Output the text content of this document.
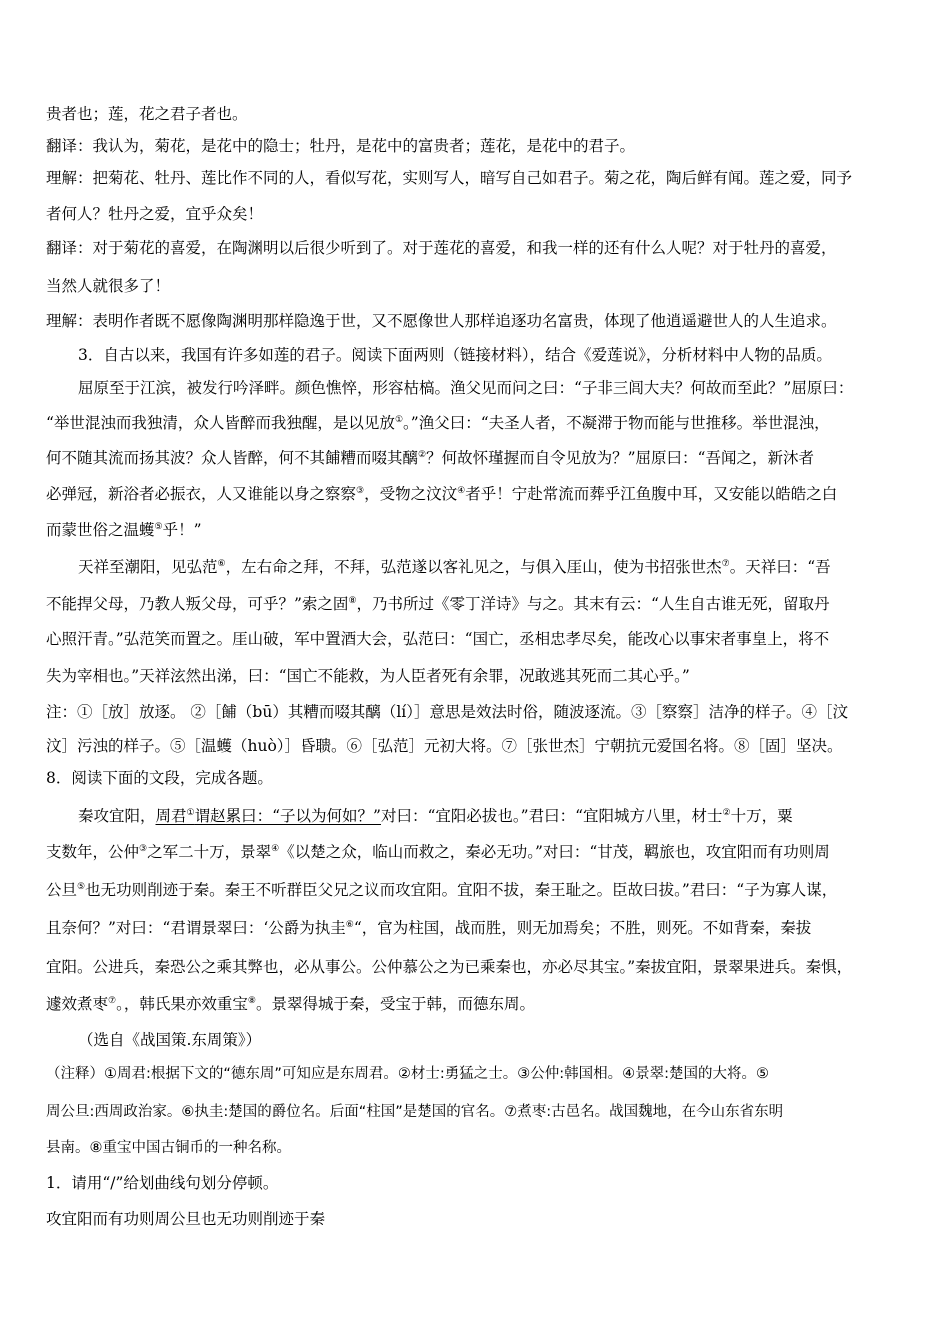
贵者也；莲，花之君子者也。
翻译：我认为，菊花，是花中的隐士；牡丹，是花中的富贵者；莲花，是花中的君子。
理解：把菊花、牡丹、莲比作不同的人，看似写花，实则写人，暗写自己如君子。菊之花，陶后鲜有闻。莲之爱，同予
者何人？牡丹之爱，宜乎众矣！
翻译：对于菊花的喜爱，在陶渊明以后很少听到了。对于莲花的喜爱，和我一样的还有什么人呢？对于牡丹的喜爱，
当然人就很多了！
理解：表明作者既不愿像陶渊明那样隐逸于世，又不愿像世人那样追逐功名富贵，体现了他逍遥避世人的人生追求。
3．自古以来，我国有许多如莲的君子。阅读下面两则（链接材料），结合《爱莲说》，分析材料中人物的品质。
屈原至于江滨，被发行吟泽畔。颜色憔悴，形容枯槁。渔父见而问之曰：“子非三闾大夫？何故而至此？”屈原曰：
“举世混浊而我独清，众人皆醉而我独醒，是以见放①。”渔父曰：“夫圣人者，不凝滞于物而能与世推移。举世混浊，
何不随其流而扬其波？众人皆醉，何不其餔糟而啜其醨②？何故怀瑾握而自令见放为？”屈原曰：“吾闻之，新沐者
必弹冠，新浴者必振衣，人又谁能以身之察察③，受物之汶汶④者乎！宁赴常流而葬乎江鱼腹中耳，又安能以皓皓之白
而蒙世俗之温蠖⑤乎！”
天祥至潮阳，见弘范⑥，左右命之拜，不拜，弘范遂以客礼见之，与俱入厓山，使为书招张世杰⑦。天祥曰：“吾
不能捍父母，乃教人叛父母，可乎？”索之固⑧，乃书所过《零丁洋诗》与之。其末有云：“人生自古谁无死，留取丹
心照汗青。”弘范笑而置之。厓山破，军中置酒大会，弘范曰：“国亡，丞相忠孝尽矣，能改心以事宋者事皇上，将不
失为宰相也。”天祥泫然出涕，曰：“国亡不能救，为人臣者死有余罪，况敢逃其死而二其心乎。”
注：①［放］放逐。 ②［餔（bū）其糟而啜其醨（lí）］意思是效法时俗，随波逐流。③［察察］洁净的样子。④［汶
汶］污浊的样子。⑤［温蠖（huò）］昏聩。⑥［弘范］元初大将。⑦［张世杰］宁朝抗元爱国名将。⑧［固］坚决。
8．阅读下面的文段，完成各题。
秦攻宜阳，周君①谓赵累曰：“子以为何如？”对曰：“宜阳必拔也。”君曰：“宜阳城方八里，材士②十万，粟
支数年，公仲③之军二十万，景翠④《以楚之众，临山而救之，秦必无功。”对曰：“甘茂，羁旅也，攻宜阳而有功则周
公旦⑤也无功则削迹于秦。秦王不听群臣父兄之议而攻宜阳。宜阳不拔，秦王耻之。臣故曰拔。”君曰：“子为寡人谋，
且奈何？”对曰：“君谓景翠曰：‘公爵为执圭⑥“，官为柱国，战而胜，则无加焉矣；不胜，则死。不如背秦，秦拔
宜阳。公进兵，秦恐公之乘其弊也，必从事公。公仲慕公之为已乘秦也，亦必尽其宝。”秦拔宜阳，景翠果进兵。秦惧，
遽效煮枣⑦。，韩氏果亦效重宝⑧。景翠得城于秦，受宝于韩，而德东周。
（选自《战国策.东周策》）
（注释）①周君:根据下文的“德东周”可知应是东周君。②材士:勇猛之士。③公仲:韩国相。④景翠:楚国的大将。⑤
周公旦:西周政治家。⑥执圭:楚国的爵位名。后面“柱国”是楚国的官名。⑦煮枣:古邑名。战国魏地，在今山东省东明
县南。⑧重宝中国古铜币的一种名称。
1．请用“/”给划曲线句划分停顿。
攻宜阳而有功则周公旦也无功则削迹于秦
